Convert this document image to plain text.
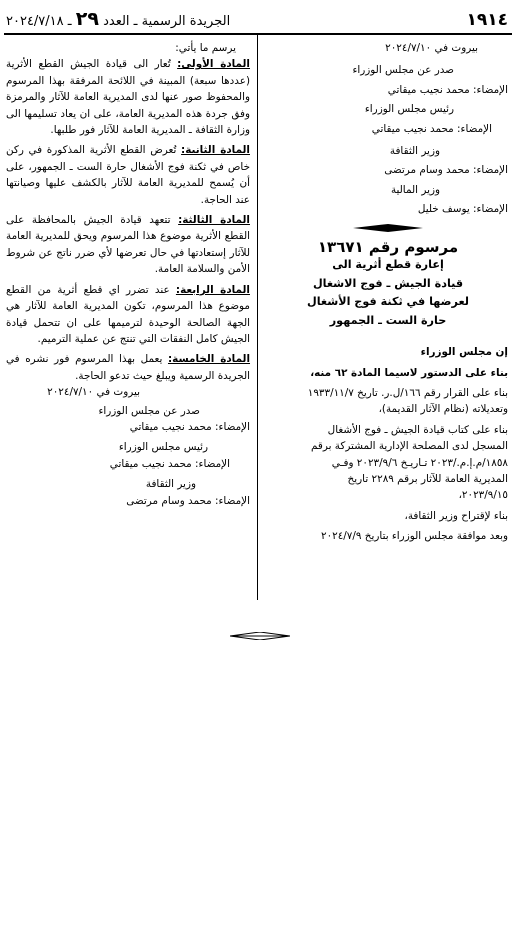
١٩١٤
الجريدة الرسمية ـ العدد ٢٩ ـ ٢٠٢٤/٧/١٨
بيروت في ٢٠٢٤/٧/١٠
صدر عن مجلس الوزراء
الإمضاء: محمد نجيب ميقاتي
رئيس مجلس الوزراء
الإمضاء: محمد نجيب ميقاتي
وزير الثقافة
الإمضاء: محمد وسام مرتضى
وزير المالية
الإمضاء: يوسف خليل
مرسوم رقم ١٣٦٧١
إعارة قطع أثرية الى
قيادة الجيش ـ فوج الاشغال
لعرضها في ثكنة فوج الأشغال
حارة الست ـ الجمهور
إن مجلس الوزراء
بناء على الدستور لاسيما المادة ٦٢ منه،
بناء على القرار رقم ١٦٦/ل.ر. تاريخ ١٩٣٣/١١/٧
وتعديلاته (نظام الآثار القديمة)،
بناء على كتاب قيادة الجيش ـ فوج الأشغال
المسجل لدى المصلحة الإدارية المشتركة برقم
١٨٥٨/م.إ.م./٢٠٢٣ تـاريـخ ٢٠٢٣/٩/٦ وفـي
المديرية العامة للآثار برقم ٢٢٨٩ تاريخ
٢٠٢٣/٩/١٥،
بناء لإقتراح وزير الثقافة،
وبعد موافقة مجلس الوزراء بتاريخ ٢٠٢٤/٧/٩
يرسم ما يأتي:
المادة الأولى: تُعار الى قيادة الجيش القطع الأثرية (عددها سبعة) المبينة في اللائحة المرفقة بهذا المرسوم والمحفوظ صور عنها لدى المديرية العامة للآثار والمرمزة وفق جردة هذه المديرية العامة، على ان يعاد تسليمها الى وزارة الثقافة ـ المديرية العامة للآثار فور طلبها.
المادة الثانية: تُعرض القطع الأثرية المذكورة في ركن خاص في ثكنة فوج الأشغال حارة الست ـ الجمهور، على أن يُسمح للمديرية العامة للآثار بالكشف عليها وصيانتها عند الحاجة.
المادة الثالثة: تتعهد قيادة الجيش بالمحافظة على القطع الأثرية موضوع هذا المرسوم ويحق للمديرية العامة للآثار إستعادتها في حال تعرضها لأي ضرر ناتج عن شروط الأمن والسلامة العامة.
المادة الرابعة: عند تضرر اي قطع أثرية من القطع موضوع هذا المرسوم، تكون المديرية العامة للآثار هي الجهة الصالحة الوحيدة لترميمها على ان تتحمل قيادة الجيش كامل النفقات التي تنتج عن عملية الترميم.
المادة الخامسة: يعمل بهذا المرسوم فور نشره في الجريدة الرسمية ويبلغ حيث تدعو الحاجة.
بيروت في ٢٠٢٤/٧/١٠
صدر عن مجلس الوزراء
الإمضاء: محمد نجيب ميقاتي
رئيس مجلس الوزراء
الإمضاء: محمد نجيب ميقاتي
وزير الثقافة
الإمضاء: محمد وسام مرتضى
